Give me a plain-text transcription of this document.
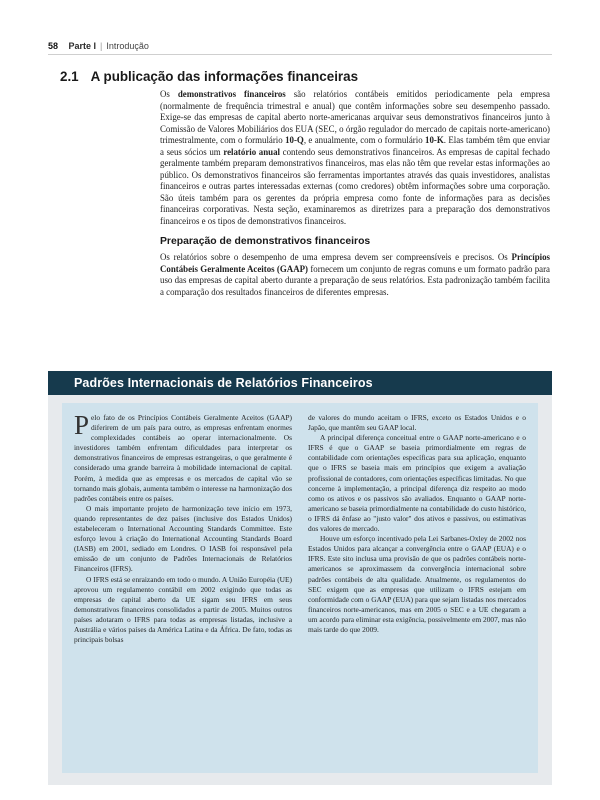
58 Parte I | Introdução
2.1 A publicação das informações financeiras

Os demonstrativos financeiros são relatórios contábeis emitidos periodicamente pela empresa (normalmente de frequência trimestral e anual) que contêm informações sobre seu desempenho passado. Exige-se das empresas de capital aberto norte-americanas arquivar seus demonstrativos financeiros junto à Comissão de Valores Mobiliários dos EUA (SEC, o órgão regulador do mercado de capitais norte-americano) trimestralmente, com o formulário 10-Q, e anualmente, com o formulário 10-K. Elas também têm que enviar a seus sócios um relatório anual contendo seus demonstrativos financeiros. As empresas de capital fechado geralmente também preparam demonstrativos financeiros, mas elas não têm que revelar estas informações ao público. Os demonstrativos financeiros são ferramentas importantes através das quais investidores, analistas financeiros e outras partes interessadas externas (como credores) obtêm informações sobre uma corporação. São úteis também para os gerentes da própria empresa como fonte de informações para as decisões financeiras corporativas. Nesta seção, examinaremos as diretrizes para a preparação dos demonstrativos financeiros e os tipos de demonstrativos financeiros.

Preparação de demonstrativos financeiros

Os relatórios sobre o desempenho de uma empresa devem ser compreensíveis e precisos. Os Princípios Contábeis Geralmente Aceitos (GAAP) fornecem um conjunto de regras comuns e um formato padrão para uso das empresas de capital aberto durante a preparação de seus relatórios. Esta padronização também facilita a comparação dos resultados financeiros de diferentes empresas.

Padrões Internacionais de Relatórios Financeiros

Pelo fato de os Princípios Contábeis Geralmente Aceitos (GAAP) diferirem de um país para outro, as empresas enfrentam enormes complexidades contábeis ao operar internacionalmente. Os investidores também enfrentam dificuldades para interpretar os demonstrativos financeiros de empresas estrangeiras, o que geralmente é considerado uma grande barreira à mobilidade internacional de capital. Porém, à medida que as empresas e os mercados de capital vão se tornando mais globais, aumenta também o interesse na harmonização dos padrões contábeis entre os países.

O mais importante projeto de harmonização teve início em 1973, quando representantes de dez países (inclusive dos Estados Unidos) estabeleceram o International Accounting Standards Committee. Este esforço levou à criação do International Accounting Standards Board (IASB) em 2001, sediado em Londres. O IASB foi responsável pela emissão de um conjunto de Padrões Internacionais de Relatórios Financeiros (IFRS).

O IFRS está se enraizando em todo o mundo. A União Européia (UE) aprovou um regulamento contábil em 2002 exigindo que todas as empresas de capital aberto da UE sigam seu IFRS em seus demonstrativos financeiros consolidados a partir de 2005. Muitos outros países adotaram o IFRS para todas as empresas listadas, inclusive a Austrália e vários países da América Latina e da África. De fato, todas as principais bolsas

de valores do mundo aceitam o IFRS, exceto os Estados Unidos e o Japão, que mantêm seu GAAP local.

A principal diferença conceitual entre o GAAP norte-americano e o IFRS é que o GAAP se baseia primordialmente em regras de contabilidade com orientações específicas para sua aplicação, enquanto que o IFRS se baseia mais em princípios que exigem a avaliação profissional de contadores, com orientações específicas limitadas. No que concerne à implementação, a principal diferença diz respeito ao modo como os ativos e os passivos são avaliados. Enquanto o GAAP norte-americano se baseia primordialmente na contabilidade do custo histórico, o IFRS dá ênfase ao "justo valor" dos ativos e passivos, ou estimativas dos valores de mercado.

Houve um esforço incentivado pela Lei Sarbanes-Oxley de 2002 nos Estados Unidos para alcançar a convergência entre o GAAP (EUA) e o IFRS. Este sito inclusa uma provisão de que os padrões contábeis norte-americanos se aproximassem da convergência internacional sobre padrões contábeis de alta qualidade. Atualmente, os regulamentos do SEC exigem que as empresas que utilizam o IFRS estejam em conformidade com o GAAP (EUA) para que sejam listadas nos mercados financeiros norte-americanos, mas em 2005 o SEC e a UE chegaram a um acordo para eliminar esta exigência, possivelmente em 2007, mas não mais tarde do que 2009.
